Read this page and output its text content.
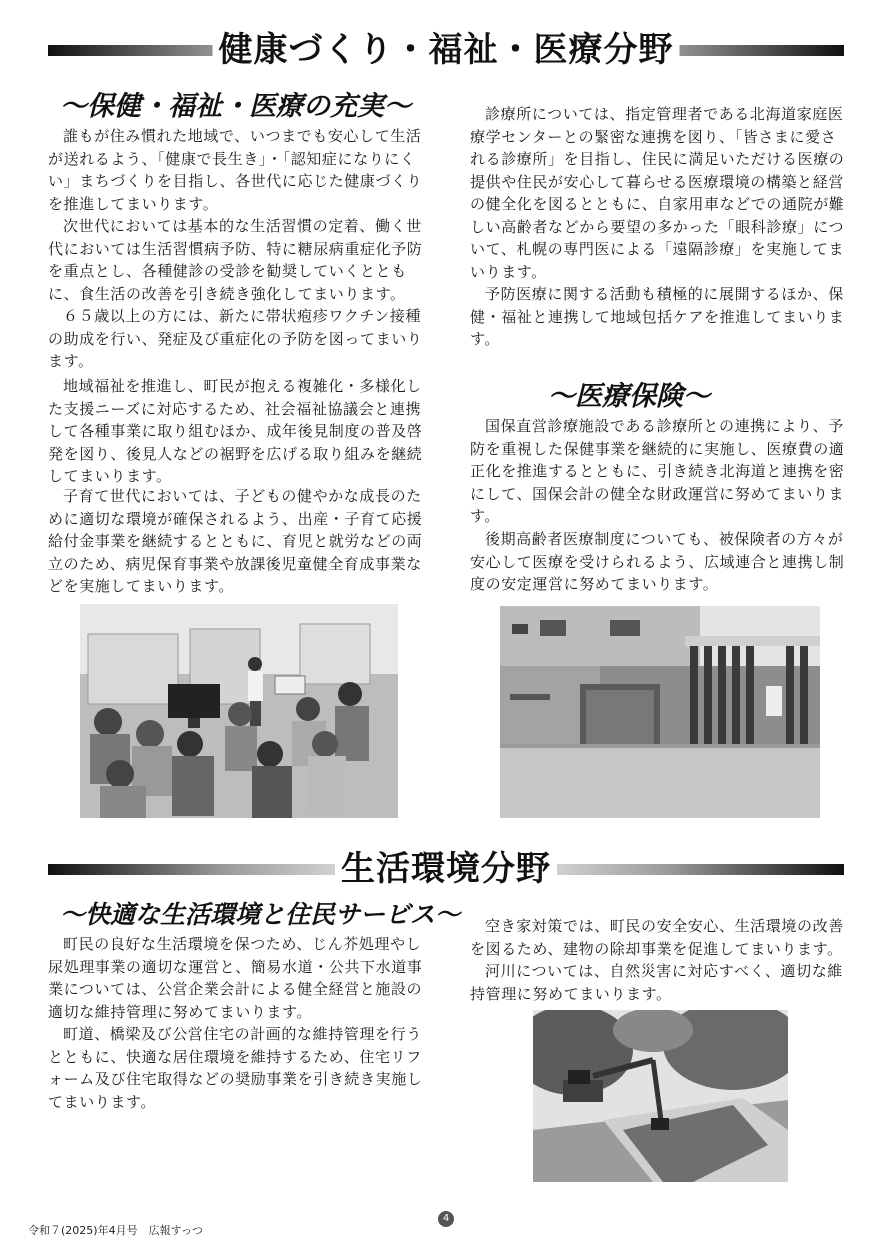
健康づくり・福祉・医療分野
〜保健・福祉・医療の充実〜

誰もが住み慣れた地域で、いつまでも安心して生活が送れるよう、「健康で長生き」・「認知症になりにくい」まちづくりを目指し、各世代に応じた健康づくりを推進してまいります。

次世代においては基本的な生活習慣の定着、働く世代においては生活習慣病予防、特に糖尿病重症化予防を重点とし、各種健診の受診を勧奨していくとともに、食生活の改善を引き続き強化してまいります。

６５歳以上の方には、新たに帯状疱疹ワクチン接種の助成を行い、発症及び重症化の予防を図ってまいります。

地域福祉を推進し、町民が抱える複雑化・多様化した支援ニーズに対応するため、社会福祉協議会と連携して各種事業に取り組むほか、成年後見制度の普及啓発を図り、後見人などの裾野を広げる取り組みを継続してまいります。

子育て世代においては、子どもの健やかな成長のために適切な環境が確保されるよう、出産・子育て応援給付金事業を継続するとともに、育児と就労などの両立のため、病児保育事業や放課後児童健全育成事業などを実施してまいります。

診療所については、指定管理者である北海道家庭医療学センターとの緊密な連携を図り、「皆さまに愛される診療所」を目指し、住民に満足いただける医療の提供や住民が安心して暮らせる医療環境の構築と経営の健全化を図るとともに、自家用車などでの通院が難しい高齢者などから要望の多かった「眼科診療」について、札幌の専門医による「遠隔診療」を実施してまいります。

予防医療に関する活動も積極的に展開するほか、保健・福祉と連携して地域包括ケアを推進してまいります。

〜医療保険〜

国保直営診療施設である診療所との連携により、予防を重視した保健事業を継続的に実施し、医療費の適正化を推進するとともに、引き続き北海道と連携を密にして、国保会計の健全な財政運営に努めてまいります。

後期高齢者医療制度についても、被保険者の方々が安心して医療を受けられるよう、広域連合と連携し制度の安定運営に努めてまいります。

生活環境分野
〜快適な生活環境と住民サービス〜

町民の良好な生活環境を保つため、じん芥処理やし尿処理事業の適切な運営と、簡易水道・公共下水道事業については、公営企業会計による健全経営と施設の適切な維持管理に努めてまいります。

町道、橋梁及び公営住宅の計画的な維持管理を行うとともに、快適な居住環境を維持するため、住宅リフォーム及び住宅取得などの奨励事業を引き続き実施してまいります。

空き家対策では、町民の安全安心、生活環境の改善を図るため、建物の除却事業を促進してまいります。

河川については、自然災害に対応すべく、適切な維持管理に努めてまいります。

令和７(2025)年4月号　広報すっつ
4
